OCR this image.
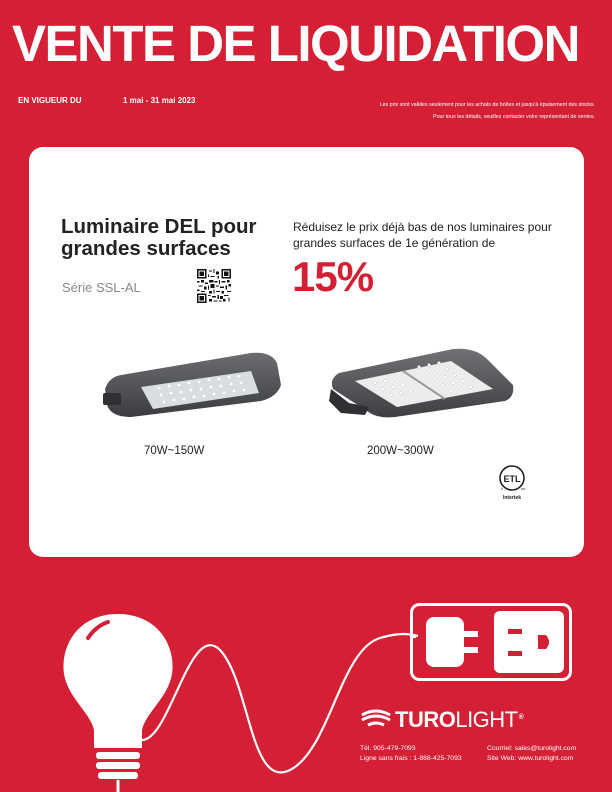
VENTE DE LIQUIDATION
EN VIGUEUR DU	1 mai - 31 mai 2023	Les prix sont valides seulement pour les achats de boîtes et jusqu'à épuisement des stocks.
Pour tous les détails, veuillez contacter votre représentant de ventes.
Luminaire DEL pour
grandes surfaces
Série SSL-AL
Réduisez le prix déjà bas de nos luminaires pour
grandes surfaces de 1e génération de
15%
70W~150W	200W~300W
ETL
c	us
Intertek
TUROLIGHT®
Tél. 905-479-7093
Ligne sans frais : 1-888-425-7093
Courriel: sales@turolight.com
Site Web: www.turolight.com
